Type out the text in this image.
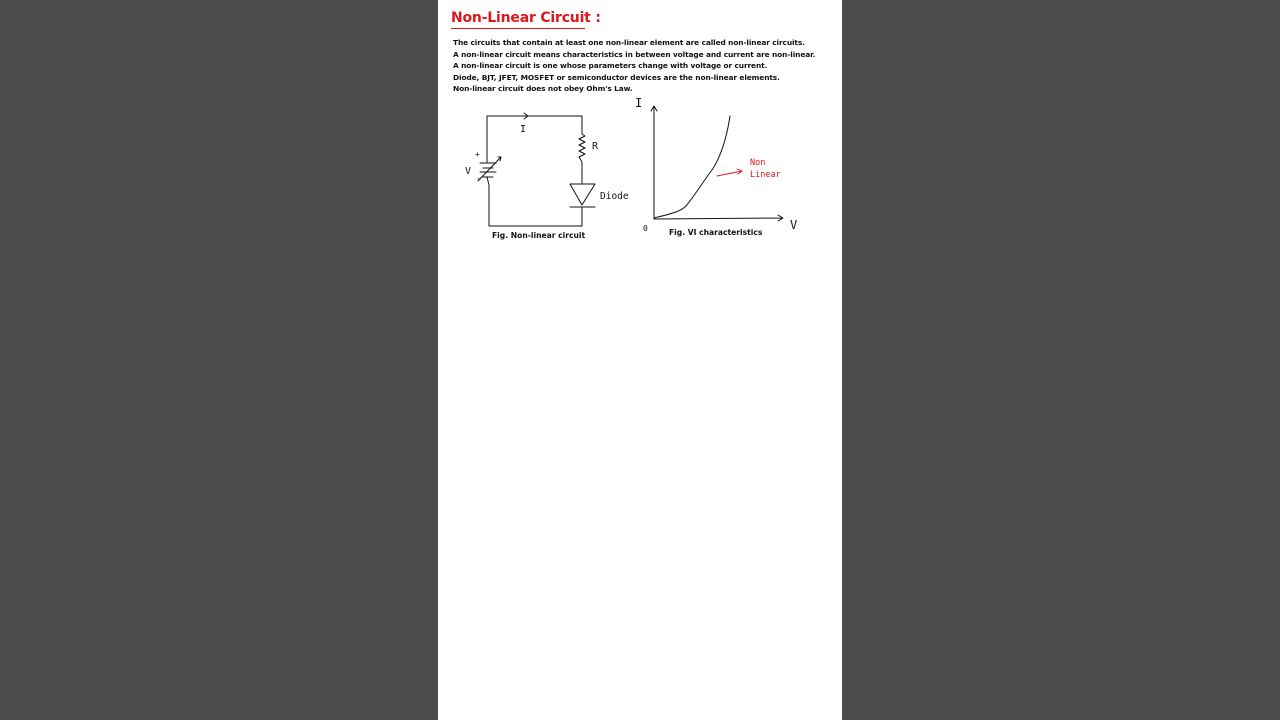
Non-Linear Circuit :
The circuits that contain at least one non-linear element are called non-linear circuits.
A non-linear circuit means characteristics in between voltage and current are non-linear.
A non-linear circuit is one whose parameters change with voltage or current.
Diode, BJT, JFET, MOSFET or semiconductor devices are the non-linear elements.
Non-linear circuit does not obey Ohm's Law.
I
R
Diode
V
+
-
Fig. Non-linear circuit
I
V
0
Non
Linear
Fig. VI characteristics
